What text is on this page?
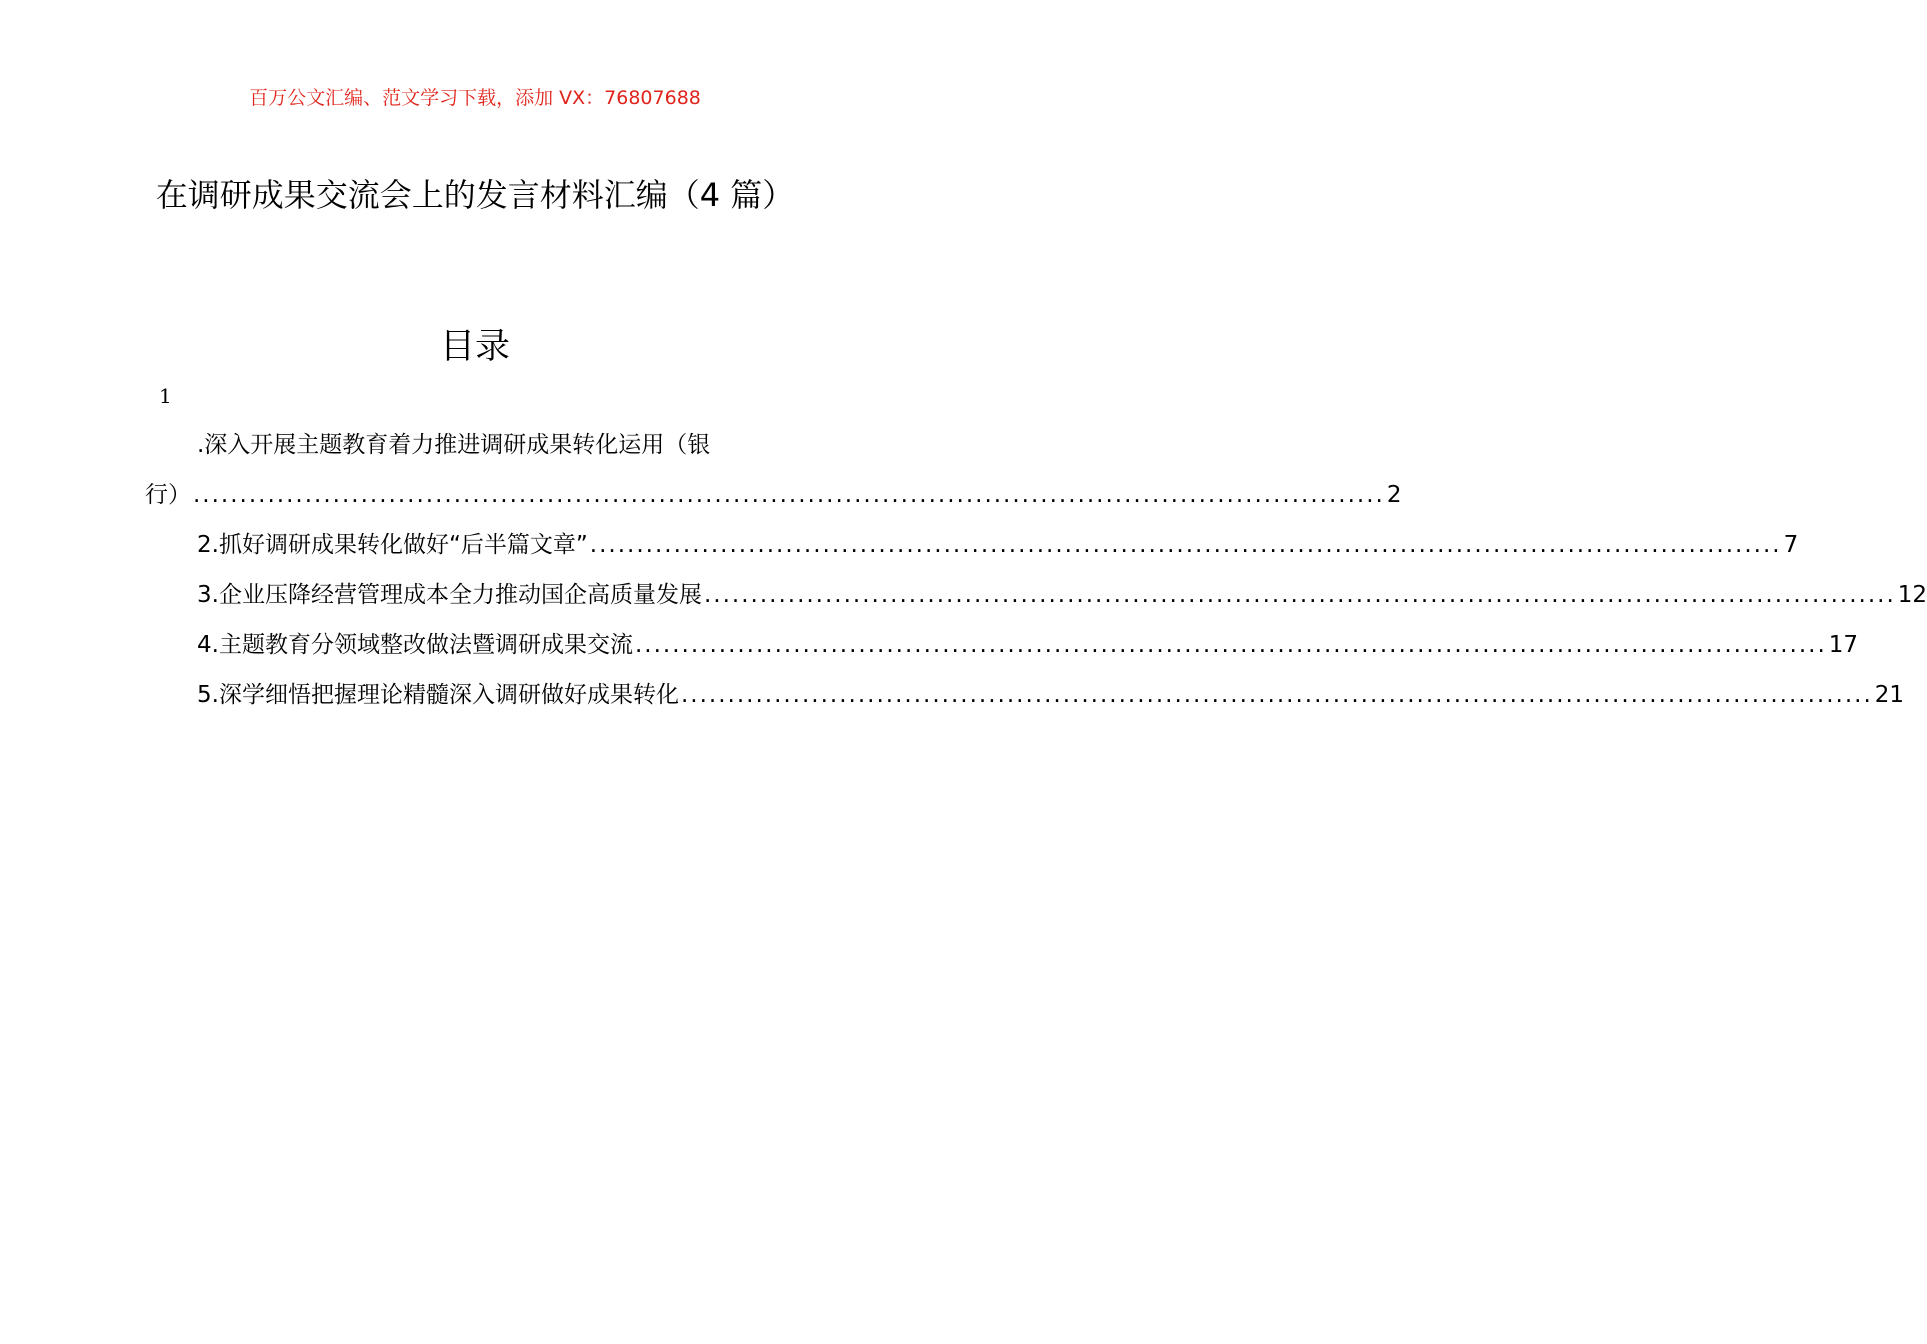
百万公文汇编、范文学习下载，添加 VX：76807688
在调研成果交流会上的发言材料汇编（4 篇）
目录
1
.深入开展主题教育着力推进调研成果转化运用（银
行） ................................................................................................................................ 2
2.抓好调研成果转化做好“后半篇文章” ................................................................................................................................ 7
3.企业压降经营管理成本全力推动国企高质量发展 ................................................................................................................................ 12
4.主题教育分领域整改做法暨调研成果交流 ................................................................................................................................ 17
5.深学细悟把握理论精髓深入调研做好成果转化 ................................................................................................................................ 21
